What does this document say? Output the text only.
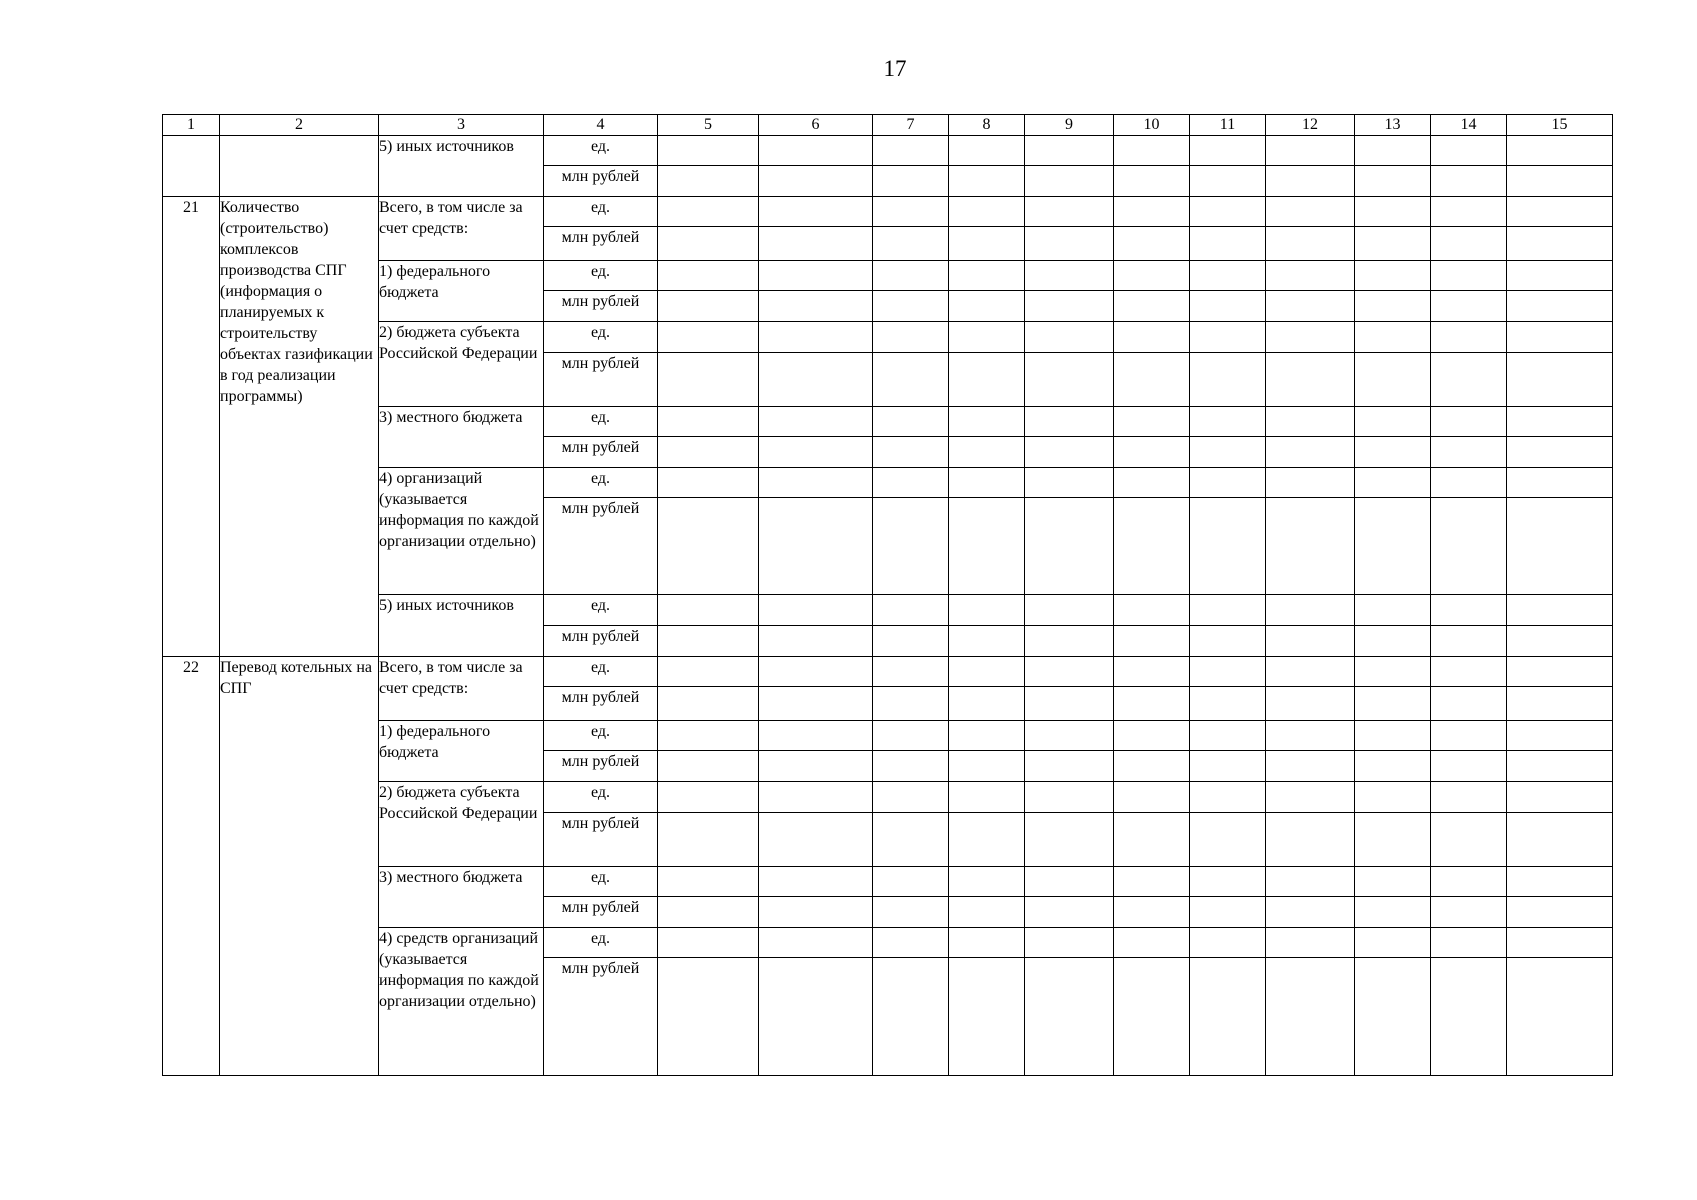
17
1	2	3	4	5	6	7	8	9	10	11	12	13	14	15
		5) иных источников	ед.											
			млн рублей											
21	Количество (строительство) комплексов производства СПГ (информация о планируемых к строительству объектах газификации в год реализации программы)	Всего, в том числе за счет средств:	ед.											
			млн рублей											
		1) федерального бюджета	ед.											
			млн рублей											
		2) бюджета субъекта Российской Федерации	ед.											
			млн рублей											
		3) местного бюджета	ед.											
			млн рублей											
		4) организаций (указывается информация по каждой организации отдельно)	ед.											
			млн рублей											
		5) иных источников	ед.											
			млн рублей											
22	Перевод котельных на СПГ	Всего, в том числе за счет средств:	ед.											
			млн рублей											
		1) федерального бюджета	ед.											
			млн рублей											
		2) бюджета субъекта Российской Федерации	ед.											
			млн рублей											
		3) местного бюджета	ед.											
			млн рублей											
		4) средств организаций (указывается информация по каждой организации отдельно)	ед.											
			млн рублей											
